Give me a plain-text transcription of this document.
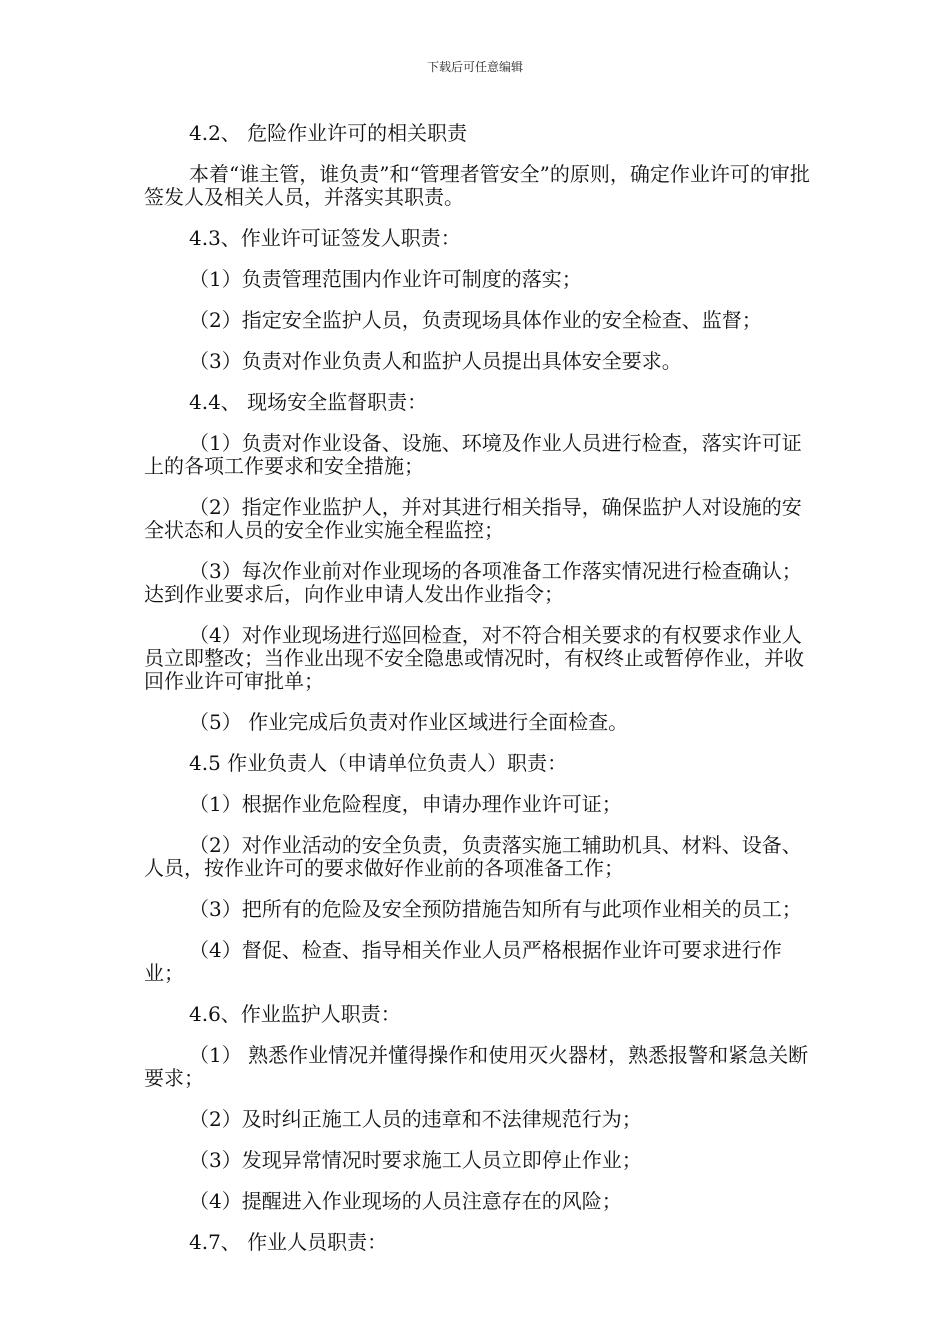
下载后可任意编辑

4.2、 危险作业许可的相关职责

本着“谁主管，谁负责”和“管理者管安全”的原则，确定作业许可的审批签发人及相关人员，并落实其职责。

4.3、作业许可证签发人职责：

（1）负责管理范围内作业许可制度的落实；

（2）指定安全监护人员，负责现场具体作业的安全检查、监督；

（3）负责对作业负责人和监护人员提出具体安全要求。

4.4、 现场安全监督职责：

（1）负责对作业设备、设施、环境及作业人员进行检查，落实许可证上的各项工作要求和安全措施；

（2）指定作业监护人，并对其进行相关指导，确保监护人对设施的安全状态和人员的安全作业实施全程监控；

（3）每次作业前对作业现场的各项准备工作落实情况进行检查确认；达到作业要求后，向作业申请人发出作业指令；

（4）对作业现场进行巡回检查，对不符合相关要求的有权要求作业人员立即整改；当作业出现不安全隐患或情况时，有权终止或暂停作业，并收回作业许可审批单；

（5） 作业完成后负责对作业区域进行全面检查。

4.5 作业负责人（申请单位负责人）职责：

（1）根据作业危险程度，申请办理作业许可证；

（2）对作业活动的安全负责，负责落实施工辅助机具、材料、设备、人员，按作业许可的要求做好作业前的各项准备工作；

（3）把所有的危险及安全预防措施告知所有与此项作业相关的员工；

（4）督促、检查、指导相关作业人员严格根据作业许可要求进行作业；

4.6、作业监护人职责：

（1） 熟悉作业情况并懂得操作和使用灭火器材，熟悉报警和紧急关断要求；

（2）及时纠正施工人员的违章和不法律规范行为；

（3）发现异常情况时要求施工人员立即停止作业；

（4）提醒进入作业现场的人员注意存在的风险；

4.7、 作业人员职责：
